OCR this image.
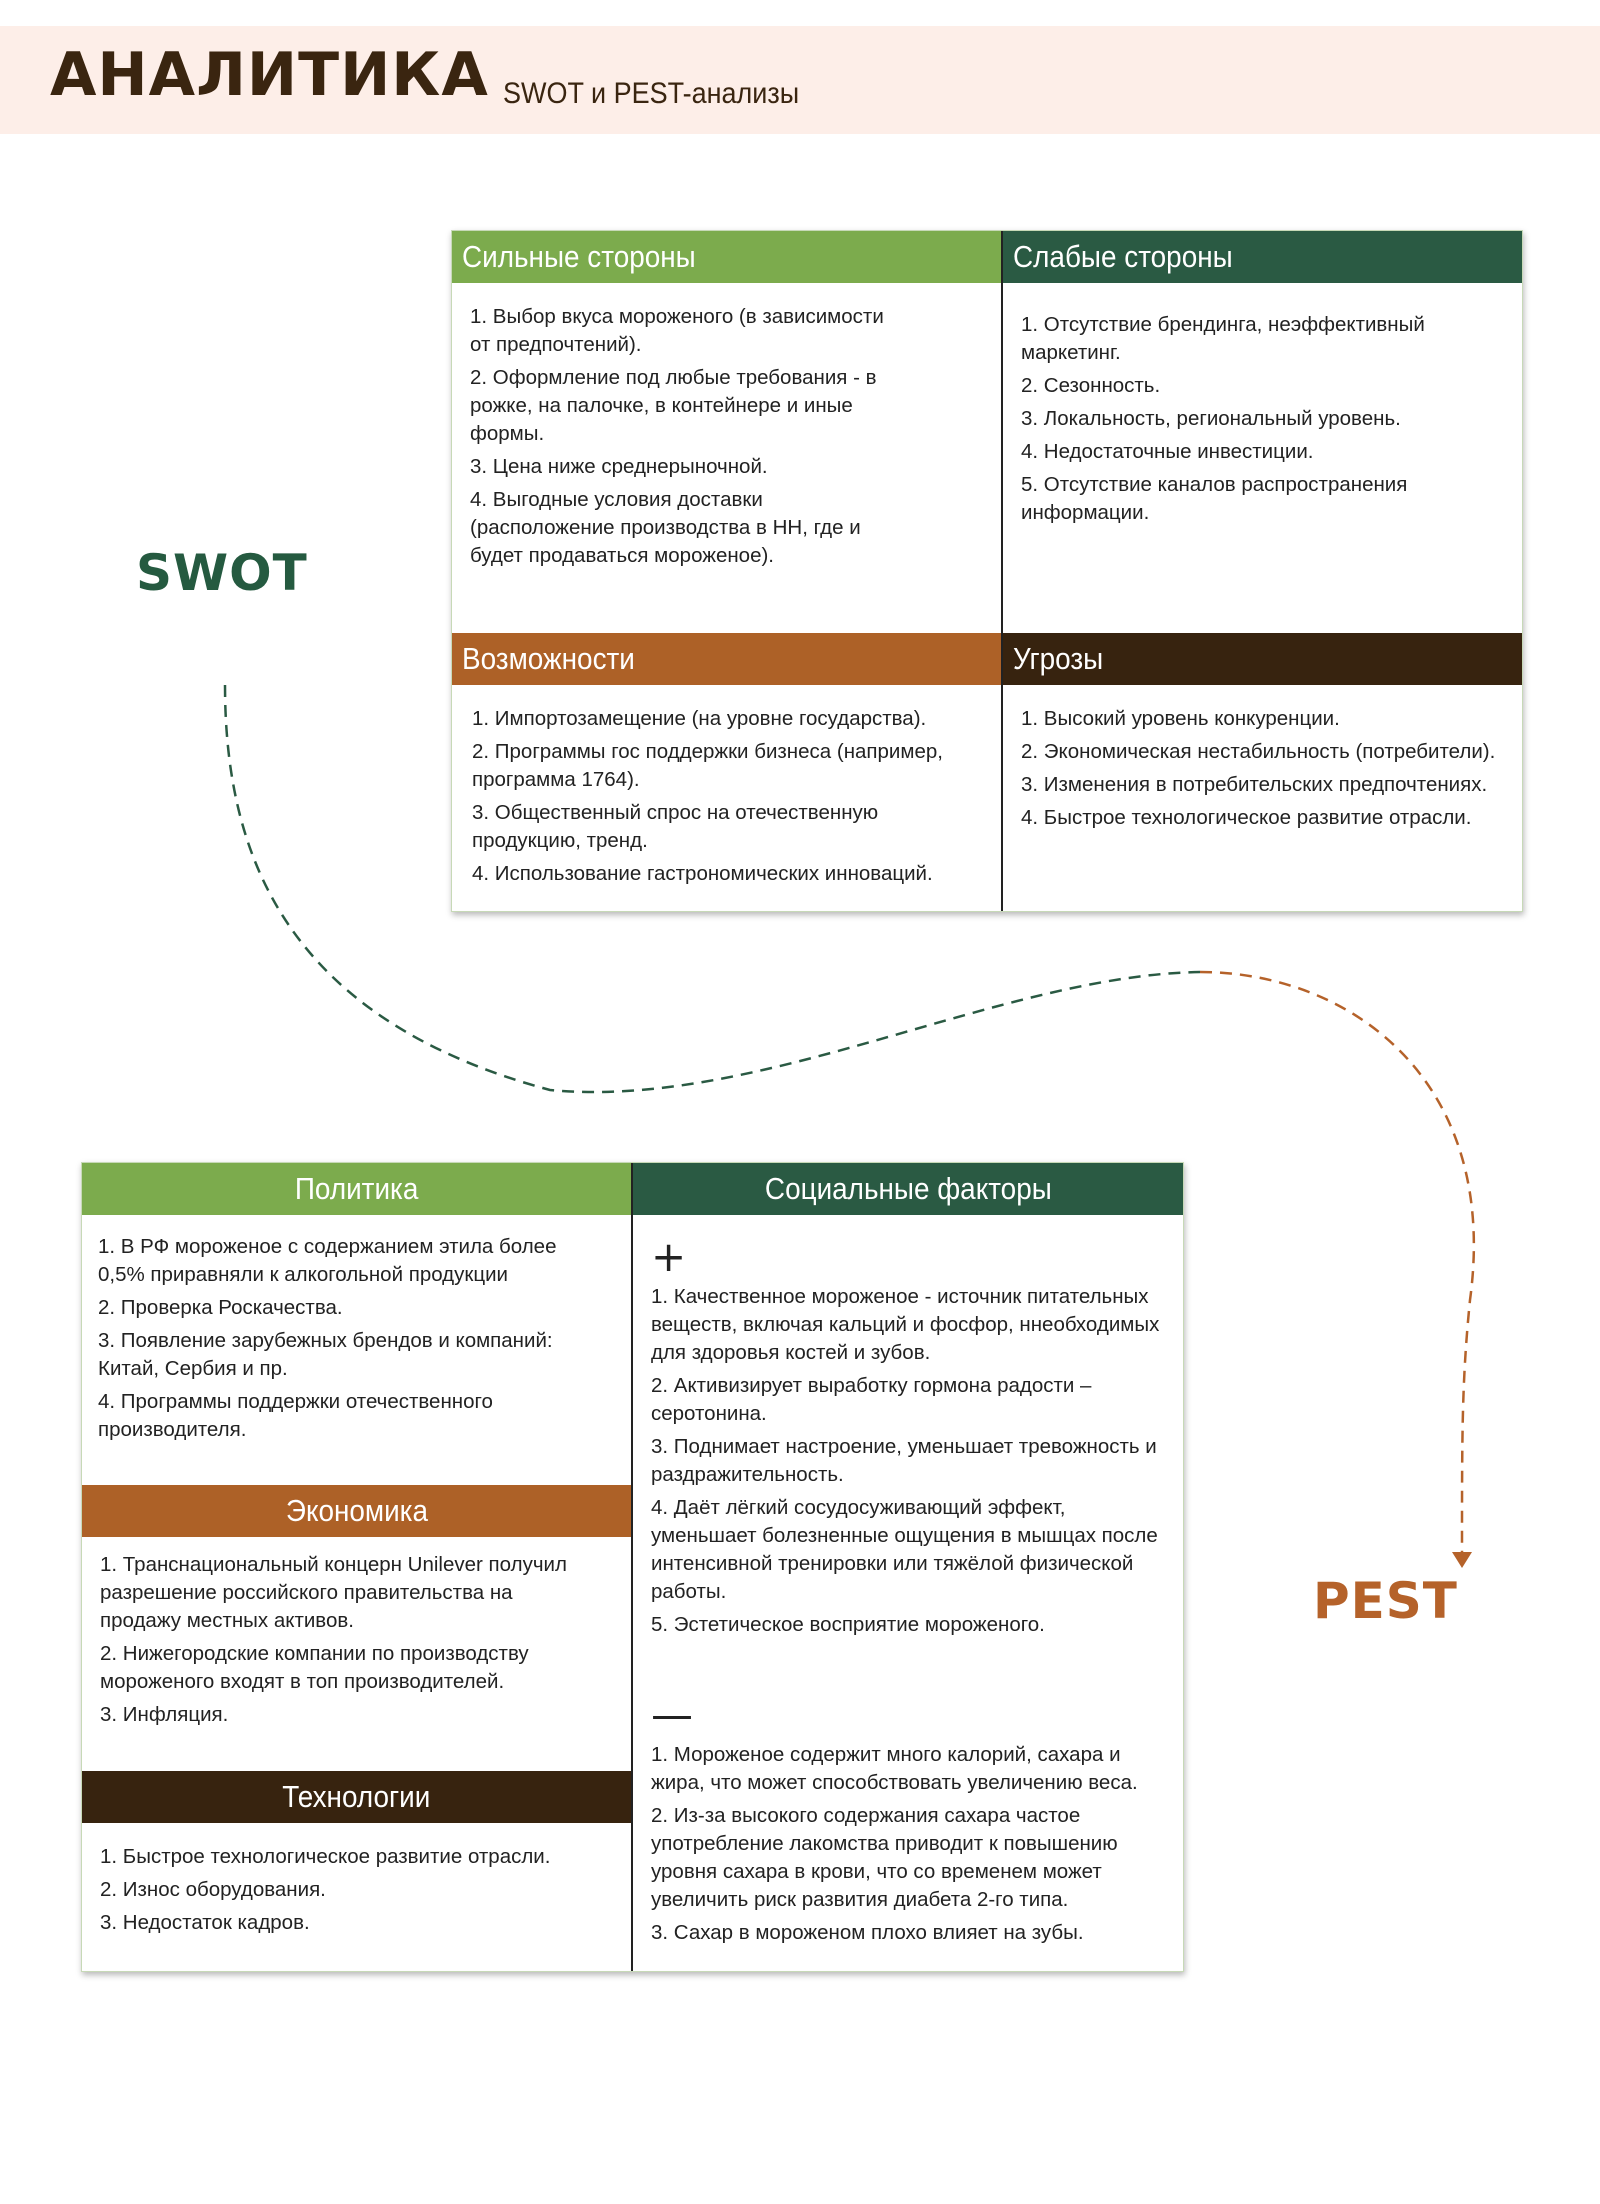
АНАЛИТИКА SWOT и PEST-анализы
SWOT
PEST
Сильные стороны
1. Выбор вкуса мороженого (в зависимости от предпочтений).
2. Оформление под любые требования - в рожке, на палочке, в контейнере и иные формы.
3. Цена ниже среднерыночной.
4. Выгодные условия доставки (расположение производства в НН, где и будет продаваться мороженое).
Слабые стороны
1. Отсутствие брендинга, неэффективный маркетинг.
2. Сезонность.
3. Локальность, региональный уровень.
4. Недостаточные инвестиции.
5. Отсутствие каналов распространения информации.
Возможности
1. Импортозамещение (на уровне государства).
2. Программы гос поддержки бизнеса (например, программа 1764).
3. Общественный спрос на отечественную продукцию, тренд.
4. Использование гастрономических инноваций.
Угрозы
1. Высокий уровень конкуренции.
2. Экономическая нестабильность (потребители).
3. Изменения в потребительских предпочтениях.
4. Быстрое технологическое развитие отрасли.
Политика
1. В РФ мороженое с содержанием этила более 0,5% приравняли к алкогольной продукции
2. Проверка Роскачества.
3. Появление зарубежных брендов и компаний: Китай, Сербия и пр.
4. Программы поддержки отечественного производителя.
Экономика
1. Транснациональный концерн Unilever получил разрешение российского правительства на продажу местных активов.
2. Нижегородские компании по производству мороженого входят в топ производителей.
3. Инфляция.
Технологии
1. Быстрое технологическое развитие отрасли.
2. Износ оборудования.
3. Недостаток кадров.
Социальные факторы
+
1. Качественное мороженое - источник питательных веществ, включая кальций и фосфор, ннеобходимых для здоровья костей и зубов.
2. Активизирует выработку гормона радости – серотонина.
3. Поднимает настроение, уменьшает тревожность и раздражительность.
4. Даёт лёгкий сосудосуживающий эффект, уменьшает болезненные ощущения в мышцах после интенсивной тренировки или тяжёлой физической работы.
5. Эстетическое восприятие мороженого.
—
1. Мороженое содержит много калорий, сахара и жира, что может способствовать увеличению веса.
2. Из-за высокого содержания сахара частое употребление лакомства приводит к повышению уровня сахара в крови, что со временем может увеличить риск развития диабета 2-го типа.
3. Сахар в мороженом плохо влияет на зубы.
